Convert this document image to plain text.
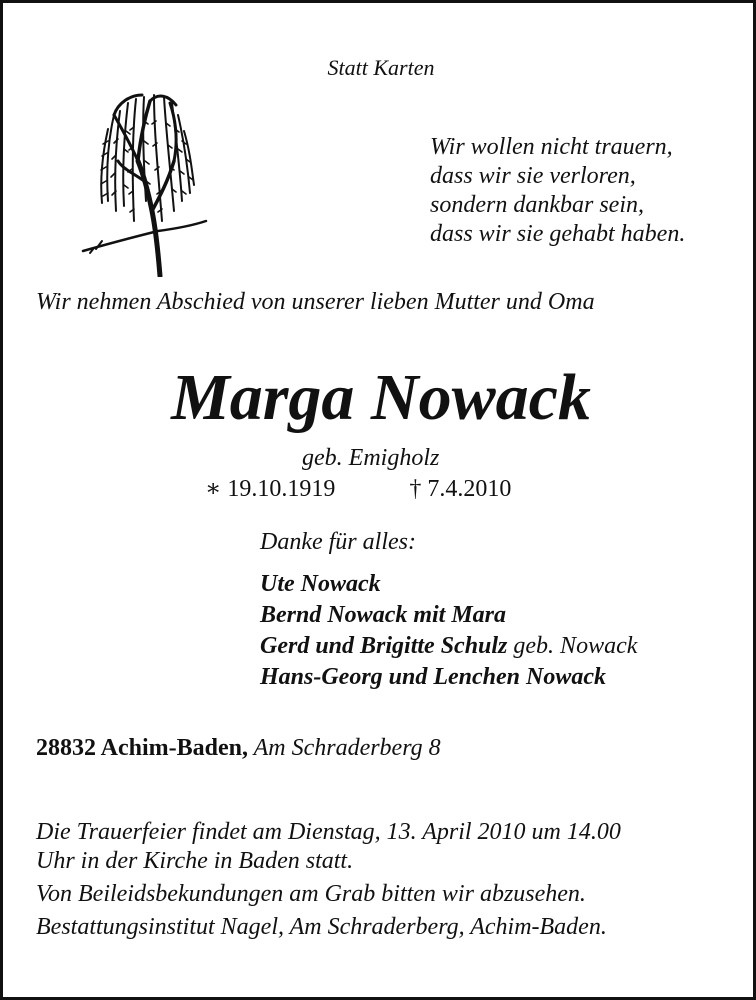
Statt Karten
Wir wollen nicht trauern,
dass wir sie verloren,
sondern dankbar sein,
dass wir sie gehabt haben.
Wir nehmen Abschied von unserer lieben Mutter und Oma
Marga Nowack
geb. Emigholz
∗ 19.10.1919	† 7.4.2010
Danke für alles:
Ute Nowack
Bernd Nowack mit Mara
Gerd und Brigitte Schulz geb. Nowack
Hans-Georg und Lenchen Nowack
28832 Achim-Baden, Am Schraderberg 8
Die Trauerfeier findet am Dienstag, 13. April 2010 um 14.00
Uhr in der Kirche in Baden statt.
Von Beileidsbekundungen am Grab bitten wir abzusehen.
Bestattungsinstitut Nagel, Am Schraderberg, Achim-Baden.
